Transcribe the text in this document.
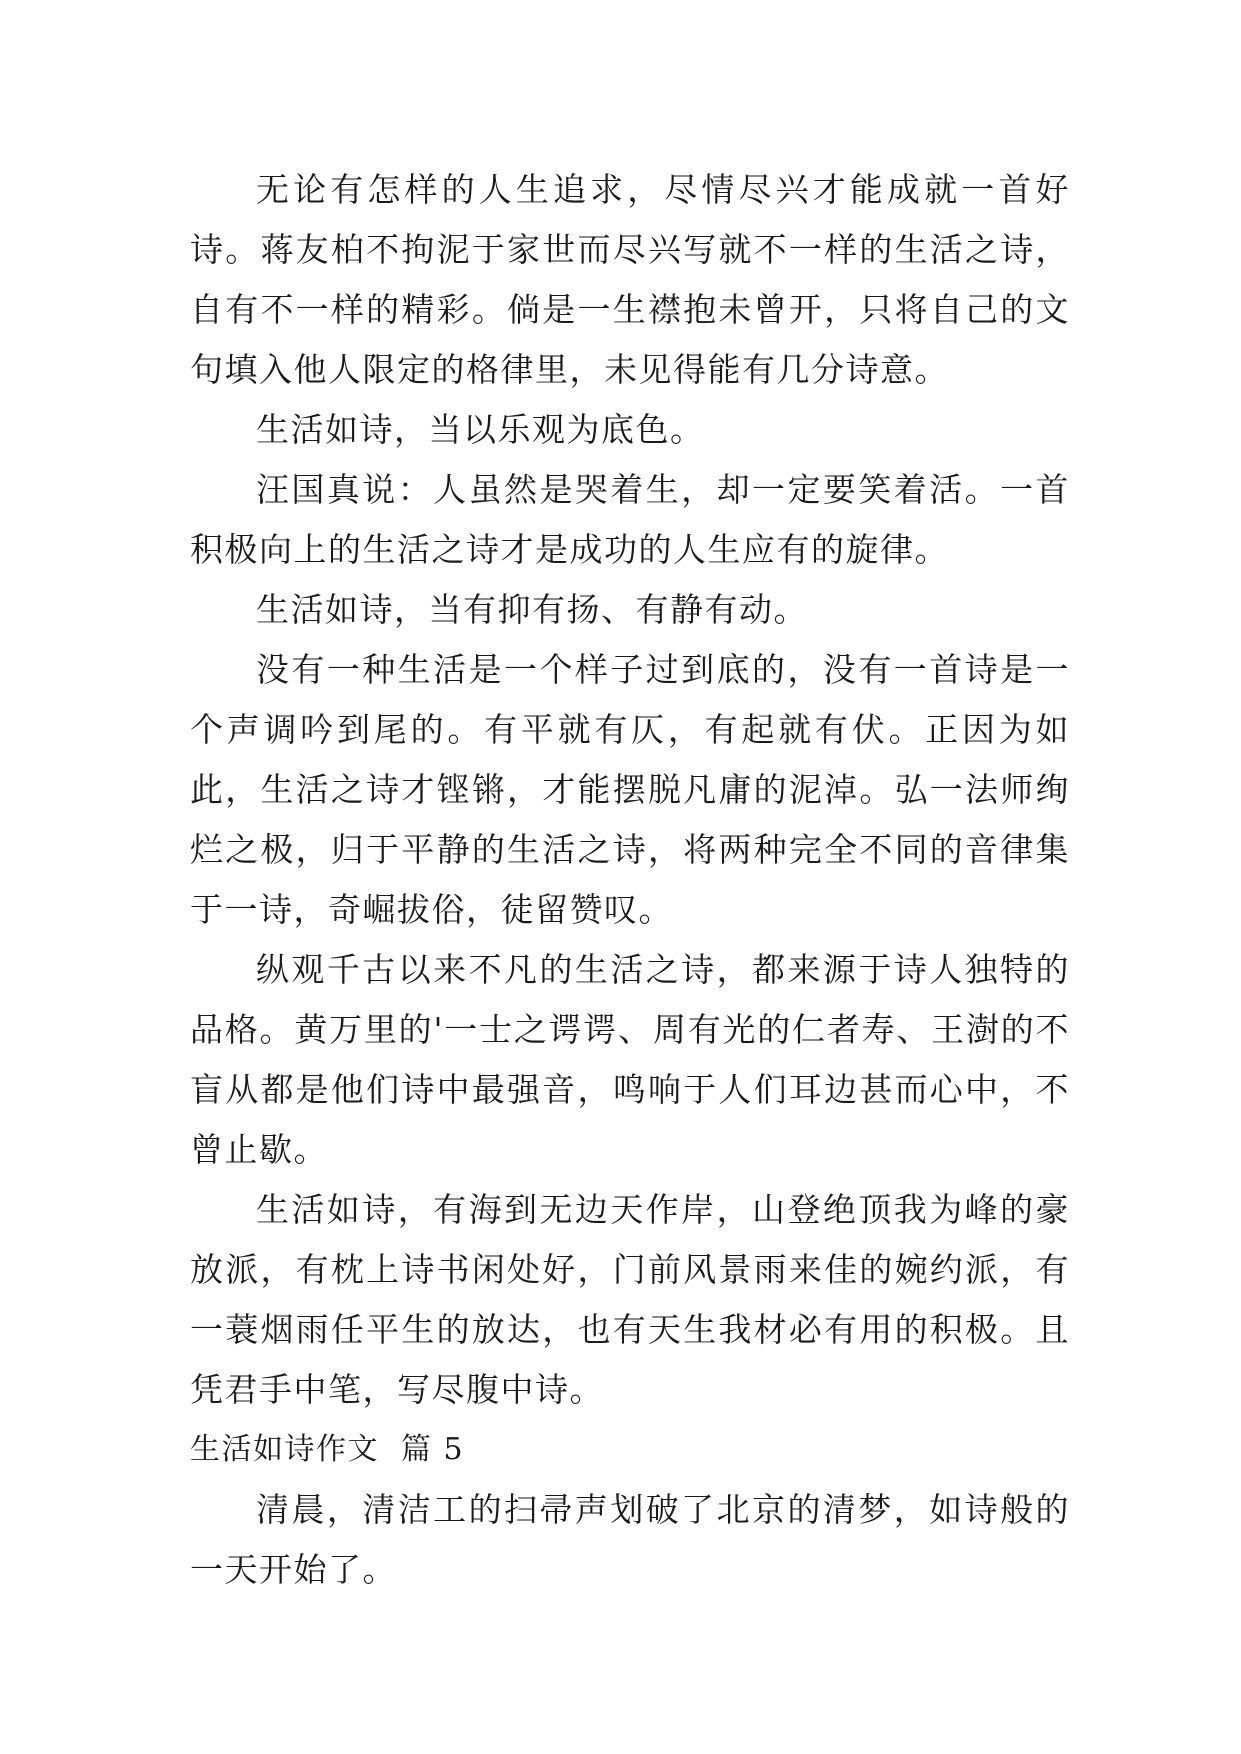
无论有怎样的人生追求，尽情尽兴才能成就一首好诗。蒋友柏不拘泥于家世而尽兴写就不一样的生活之诗，自有不一样的精彩。倘是一生襟抱未曾开，只将自己的文句填入他人限定的格律里，未见得能有几分诗意。

生活如诗，当以乐观为底色。

汪国真说：人虽然是哭着生，却一定要笑着活。一首积极向上的生活之诗才是成功的人生应有的旋律。

生活如诗，当有抑有扬、有静有动。

没有一种生活是一个样子过到底的，没有一首诗是一个声调吟到尾的。有平就有仄，有起就有伏。正因为如此，生活之诗才铿锵，才能摆脱凡庸的泥淖。弘一法师绚烂之极，归于平静的生活之诗，将两种完全不同的音律集于一诗，奇崛拔俗，徒留赞叹。

纵观千古以来不凡的生活之诗，都来源于诗人独特的品格。黄万里的'一士之谔谔、周有光的仁者寿、王澍的不盲从都是他们诗中最强音，鸣响于人们耳边甚而心中，不曾止歇。

生活如诗，有海到无边天作岸，山登绝顶我为峰的豪放派，有枕上诗书闲处好，门前风景雨来佳的婉约派，有一蓑烟雨任平生的放达，也有天生我材必有用的积极。且凭君手中笔，写尽腹中诗。

生活如诗作文 篇 5

清晨，清洁工的扫帚声划破了北京的清梦，如诗般的一天开始了。
